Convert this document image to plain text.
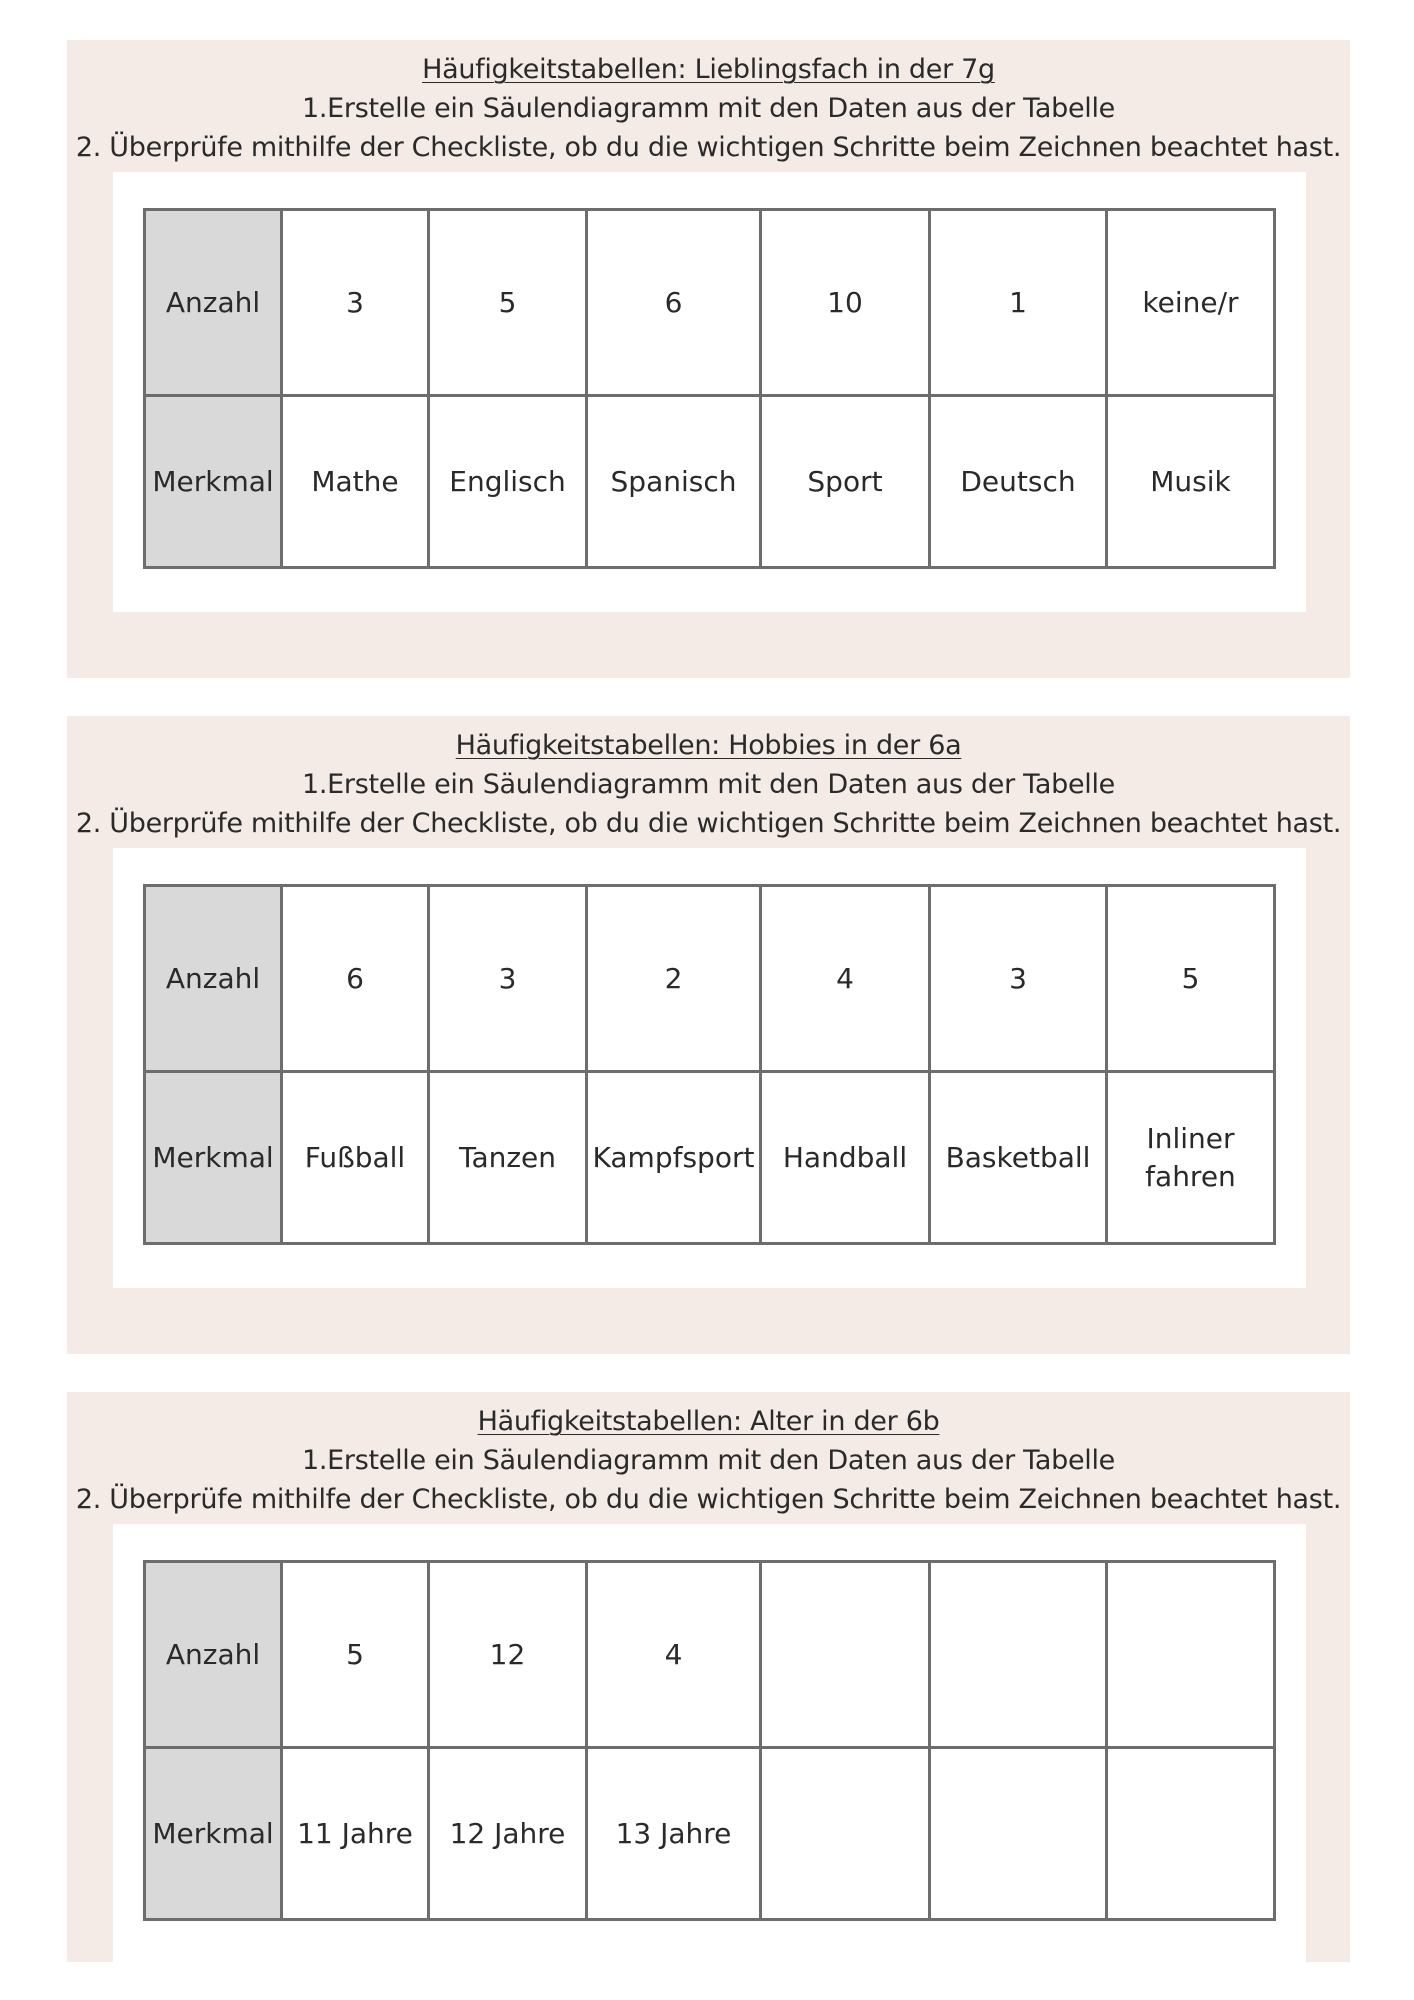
Häufigkeitstabellen: Lieblingsfach in der 7g
1.Erstelle ein Säulendiagramm mit den Daten aus der Tabelle
2. Überprüfe mithilfe der Checkliste, ob du die wichtigen Schritte beim Zeichnen beachtet hast.
Anzahl	3	5	6	10	1	keine/r
Merkmal	Mathe	Englisch	Spanisch	Sport	Deutsch	Musik
Häufigkeitstabellen: Hobbies in der 6a
1.Erstelle ein Säulendiagramm mit den Daten aus der Tabelle
2. Überprüfe mithilfe der Checkliste, ob du die wichtigen Schritte beim Zeichnen beachtet hast.
Anzahl	6	3	2	4	3	5
Merkmal	Fußball	Tanzen	Kampfsport	Handball	Basketball	Inliner fahren
Häufigkeitstabellen: Alter in der 6b
1.Erstelle ein Säulendiagramm mit den Daten aus der Tabelle
2. Überprüfe mithilfe der Checkliste, ob du die wichtigen Schritte beim Zeichnen beachtet hast.
Anzahl	5	12	4			
Merkmal	11 Jahre	12 Jahre	13 Jahre			
